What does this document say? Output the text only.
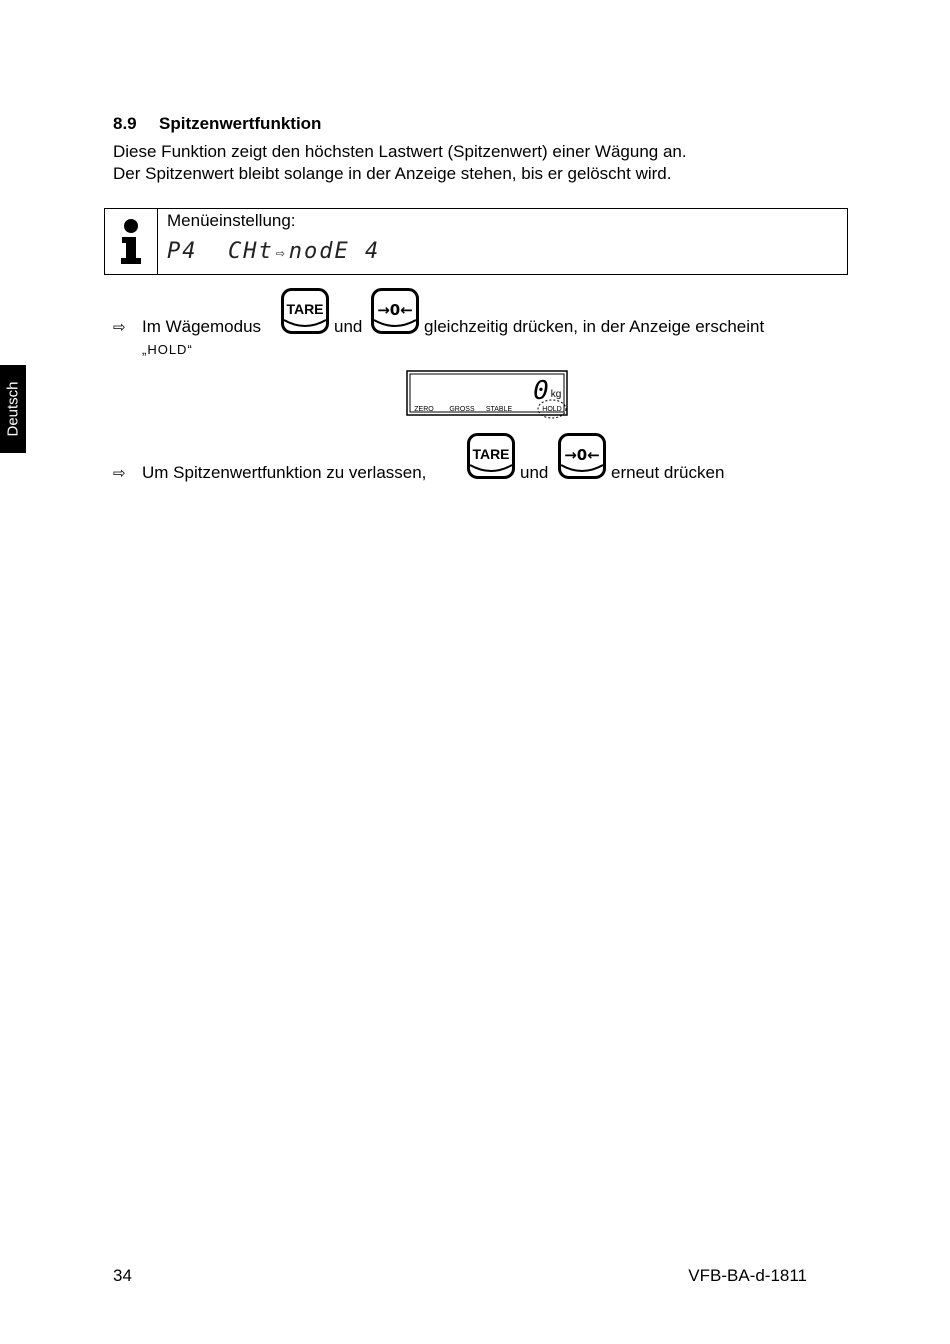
Deutsch
8.9 Spitzenwertfunktion
Diese Funktion zeigt den höchsten Lastwert (Spitzenwert) einer Wägung an.
Der Spitzenwert bleibt solange in der Anzeige stehen, bis er gelöscht wird.
Menüeinstellung:
P4  CHt ⇨nodE 4
⇨ Im Wägemodus
TARE
und
→0←
gleichzeitig drücken, in der Anzeige erscheint
„HOLD“
0 kg
ZERO GROSS STABLE	HOLD
⇨ Um Spitzenwertfunktion zu verlassen,
TARE
und
→0←
erneut drücken
34	VFB-BA-d-1811
